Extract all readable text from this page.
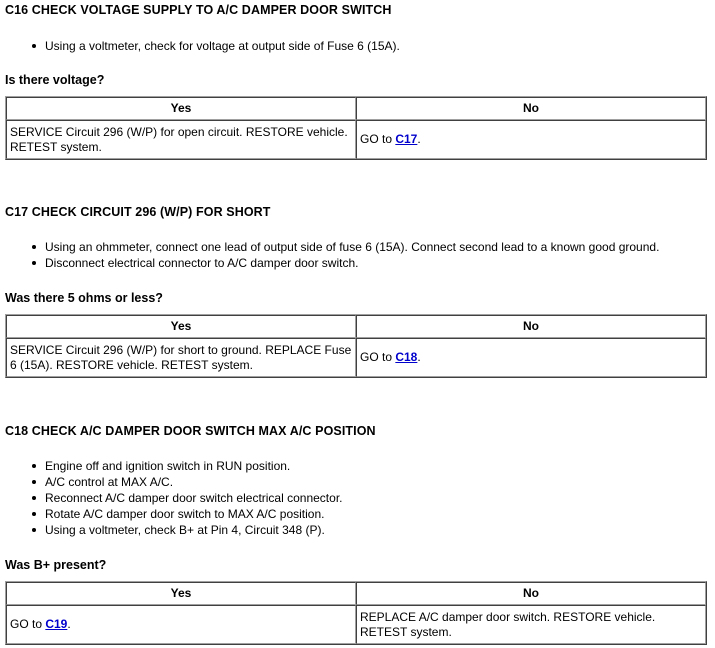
C16 CHECK VOLTAGE SUPPLY TO A/C DAMPER DOOR SWITCH
Using a voltmeter, check for voltage at output side of Fuse 6 (15A).
Is there voltage?
Yes	No
SERVICE Circuit 296 (W/P) for open circuit. RESTORE vehicle. RETEST system.	GO to C17.
C17 CHECK CIRCUIT 296 (W/P) FOR SHORT
Using an ohmmeter, connect one lead of output side of fuse 6 (15A). Connect second lead to a known good ground.
Disconnect electrical connector to A/C damper door switch.
Was there 5 ohms or less?
Yes	No
SERVICE Circuit 296 (W/P) for short to ground. REPLACE Fuse 6 (15A). RESTORE vehicle. RETEST system.	GO to C18.
C18 CHECK A/C DAMPER DOOR SWITCH MAX A/C POSITION
Engine off and ignition switch in RUN position.
A/C control at MAX A/C.
Reconnect A/C damper door switch electrical connector.
Rotate A/C damper door switch to MAX A/C position.
Using a voltmeter, check B+ at Pin 4, Circuit 348 (P).
Was B+ present?
Yes	No
GO to C19.	REPLACE A/C damper door switch. RESTORE vehicle. RETEST system.
